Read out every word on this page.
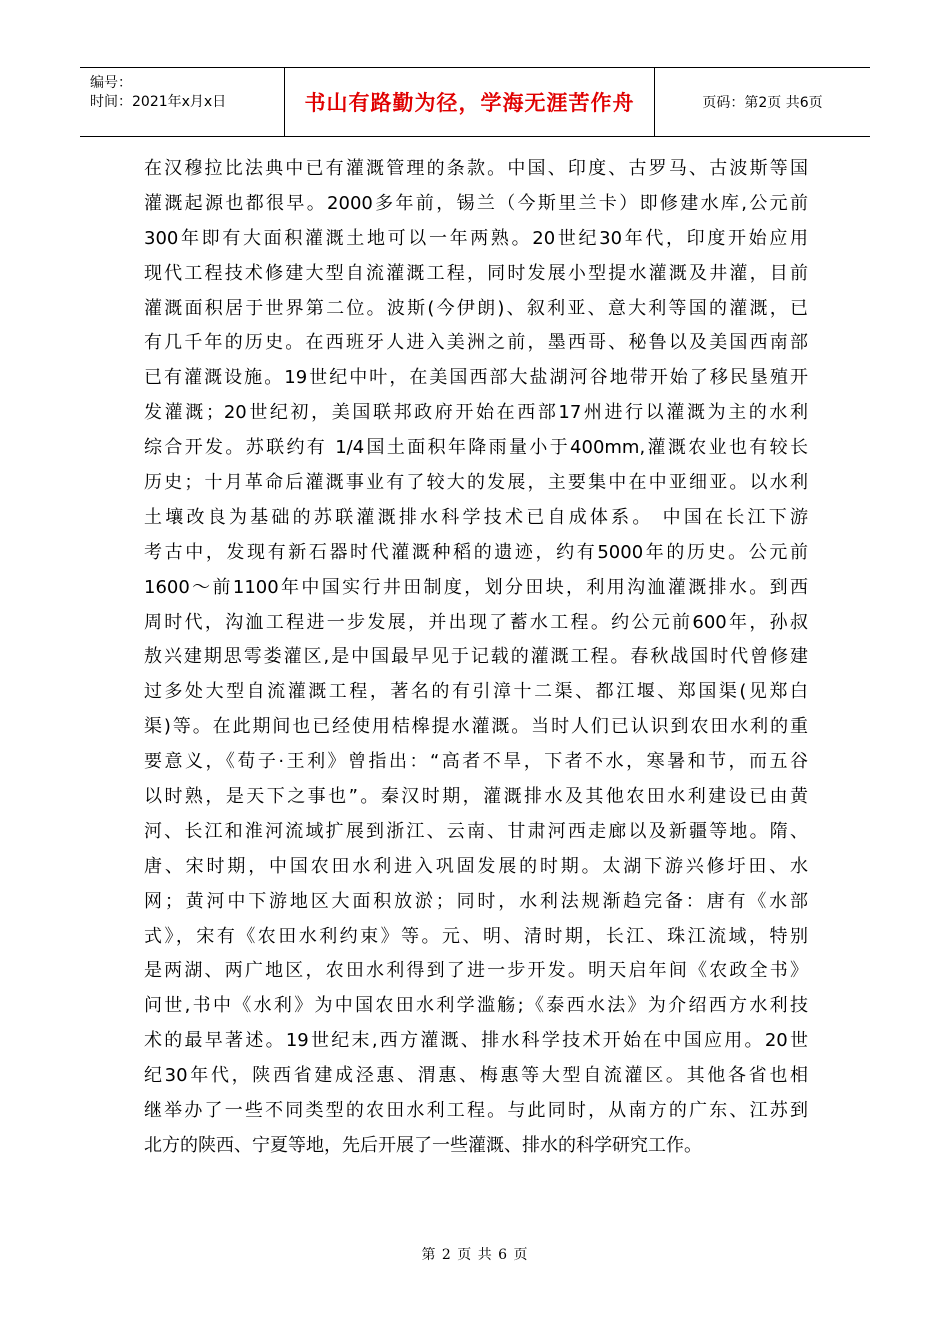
编号：
时间：2021年x月x日	书山有路勤为径，学海无涯苦作舟	页码：第2页 共6页
在汉穆拉比法典中已有灌溉管理的条款。中国、印度、古罗马、古波斯等国
灌溉起源也都很早。2000多年前，锡兰（今斯里兰卡）即修建水库,公元前
300年即有大面积灌溉土地可以一年两熟。20世纪30年代，印度开始应用
现代工程技术修建大型自流灌溉工程，同时发展小型提水灌溉及井灌，目前
灌溉面积居于世界第二位。波斯(今伊朗)、叙利亚、意大利等国的灌溉，已
有几千年的历史。在西班牙人进入美洲之前，墨西哥、秘鲁以及美国西南部
已有灌溉设施。19世纪中叶，在美国西部大盐湖河谷地带开始了移民垦殖开
发灌溉；20世纪初，美国联邦政府开始在西部17州进行以灌溉为主的水利
综合开发。苏联约有 1/4国土面积年降雨量小于400mm,灌溉农业也有较长
历史；十月革命后灌溉事业有了较大的发展，主要集中在中亚细亚。以水利
土壤改良为基础的苏联灌溉排水科学技术已自成体系。 中国在长江下游
考古中，发现有新石器时代灌溉种稻的遗迹，约有5000年的历史。公元前
1600～前1100年中国实行井田制度，划分田块，利用沟洫灌溉排水。到西
周时代，沟洫工程进一步发展，并出现了蓄水工程。约公元前600年，孙叔
敖兴建期思雩娄灌区,是中国最早见于记载的灌溉工程。春秋战国时代曾修建
过多处大型自流灌溉工程，著名的有引漳十二渠、都江堰、郑国渠(见郑白
渠)等。在此期间也已经使用桔槔提水灌溉。当时人们已认识到农田水利的重
要意义，《荀子·王利》曾指出：“高者不旱，下者不水，寒暑和节，而五谷
以时熟，是天下之事也”。秦汉时期，灌溉排水及其他农田水利建设已由黄
河、长江和淮河流域扩展到浙江、云南、甘肃河西走廊以及新疆等地。隋、
唐、宋时期，中国农田水利进入巩固发展的时期。太湖下游兴修圩田、水
网；黄河中下游地区大面积放淤；同时，水利法规渐趋完备：唐有《水部
式》，宋有《农田水利约束》等。元、明、清时期，长江、珠江流域，特别
是两湖、两广地区，农田水利得到了进一步开发。明天启年间《农政全书》
问世,书中《水利》为中国农田水利学滥觞;《泰西水法》为介绍西方水利技
术的最早著述。19世纪末,西方灌溉、排水科学技术开始在中国应用。20世
纪30年代，陕西省建成泾惠、渭惠、梅惠等大型自流灌区。其他各省也相
继举办了一些不同类型的农田水利工程。与此同时，从南方的广东、江苏到
北方的陕西、宁夏等地，先后开展了一些灌溉、排水的科学研究工作。
第 2 页 共 6 页
